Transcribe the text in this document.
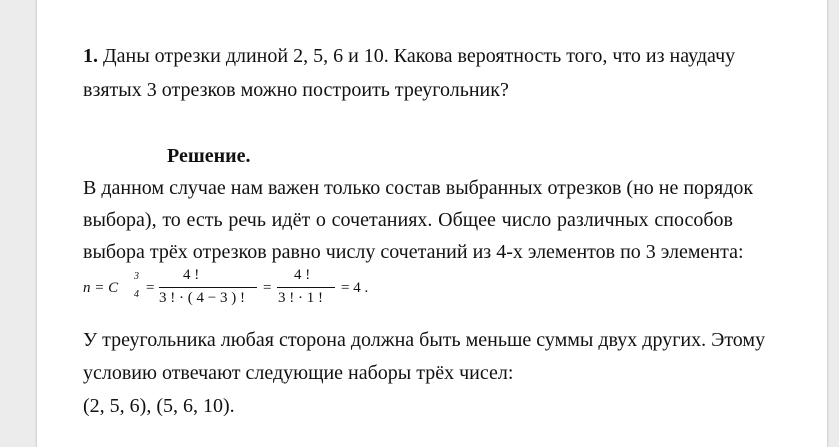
1. Даны отрезки длиной 2, 5, 6 и 10. Какова вероятность того, что из наудачу
взятых 3 отрезков можно построить треугольник?
Решение.
В данном случае нам важен только состав выбранных отрезков (но не порядок
выбора), то есть речь идёт о сочетаниях. Общее число различных способов
выбора трёх отрезков равно числу сочетаний из 4-х элементов по 3 элемента:
n = C
3
4 =
4 !
3 ! · ( 4 − 3 ) !
=
4 !
3 ! · 1 !
= 4 .
У треугольника любая сторона должна быть меньше суммы двух других. Этому
условию отвечают следующие наборы трёх чисел:
(2, 5, 6), (5, 6, 10).
